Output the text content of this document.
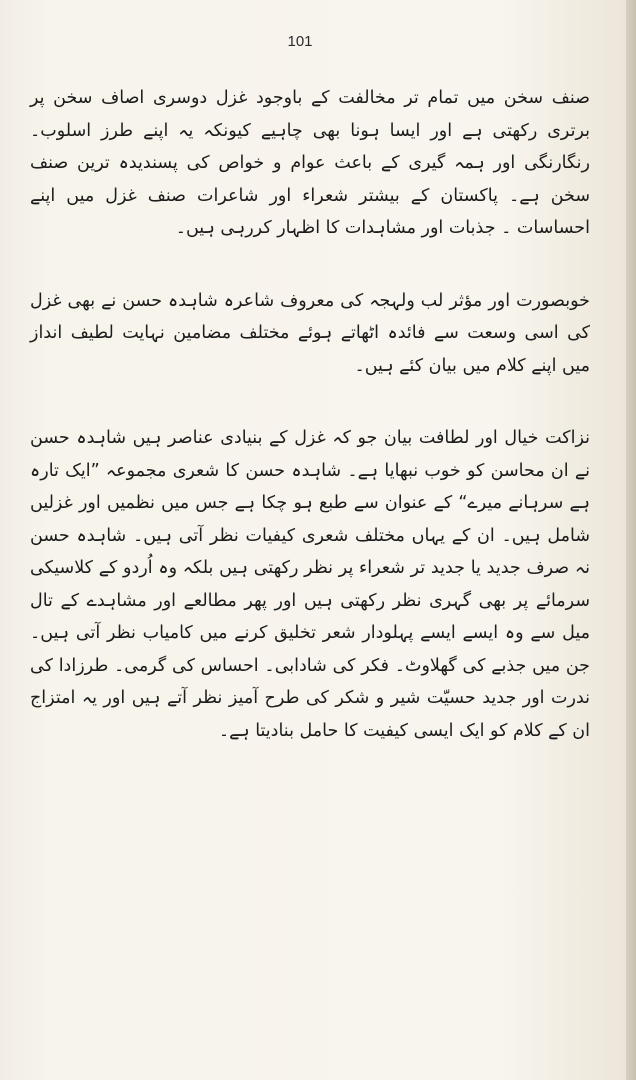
101

صنف سخن میں تمام تر مخالفت کے باوجود غزل دوسری اصاف سخن پر برتری رکھتی ہے اور ایسا ہونا بھی چاہیے کیونکہ یہ اپنے طرز اسلوب۔ رنگارنگی اور ہمہ گیری کے باعث عوام و خواص کی پسندیدہ ترین صنف سخن ہے۔ پاکستان کے بیشتر شعراء اور شاعرات صنف غزل میں اپنے احساسات ۔ جذبات اور مشاہدات کا اظہار کررہی ہیں۔

خوبصورت اور مؤثر لب ولہجہ کی معروف شاعرہ شاہدہ حسن نے بھی غزل کی اسی وسعت سے فائدہ اٹھاتے ہوئے مختلف مضامین نہایت لطیف انداز میں اپنے کلام میں بیان کئے ہیں۔

نزاکت خیال اور لطافت بیان جو کہ غزل کے بنیادی عناصر ہیں شاہدہ حسن نے ان محاسن کو خوب نبھایا ہے۔ شاہدہ حسن کا شعری مجموعہ ”ایک تارہ ہے سرہانے میرے“ کے عنوان سے طبع ہو چکا ہے جس میں نظمیں اور غزلیں شامل ہیں۔ ان کے یہاں مختلف شعری کیفیات نظر آتی ہیں۔ شاہدہ حسن نہ صرف جدید یا جدید تر شعراء پر نظر رکھتی ہیں بلکہ وہ اُردو کے کلاسیکی سرمائے پر بھی گہری نظر رکھتی ہیں اور پھر مطالعے اور مشاہدے کے تال میل سے وہ ایسے ایسے پہلودار شعر تخلیق کرنے میں کامیاب نظر آتی ہیں۔ جن میں جذبے کی گھلاوٹ۔ فکر کی شادابی۔ احساس کی گرمی۔ طرزادا کی ندرت اور جدید حسیّت شیر و شکر کی طرح آمیز نظر آتے ہیں اور یہ امتزاج ان کے کلام کو ایک ایسی کیفیت کا حامل بنادیتا ہے۔
